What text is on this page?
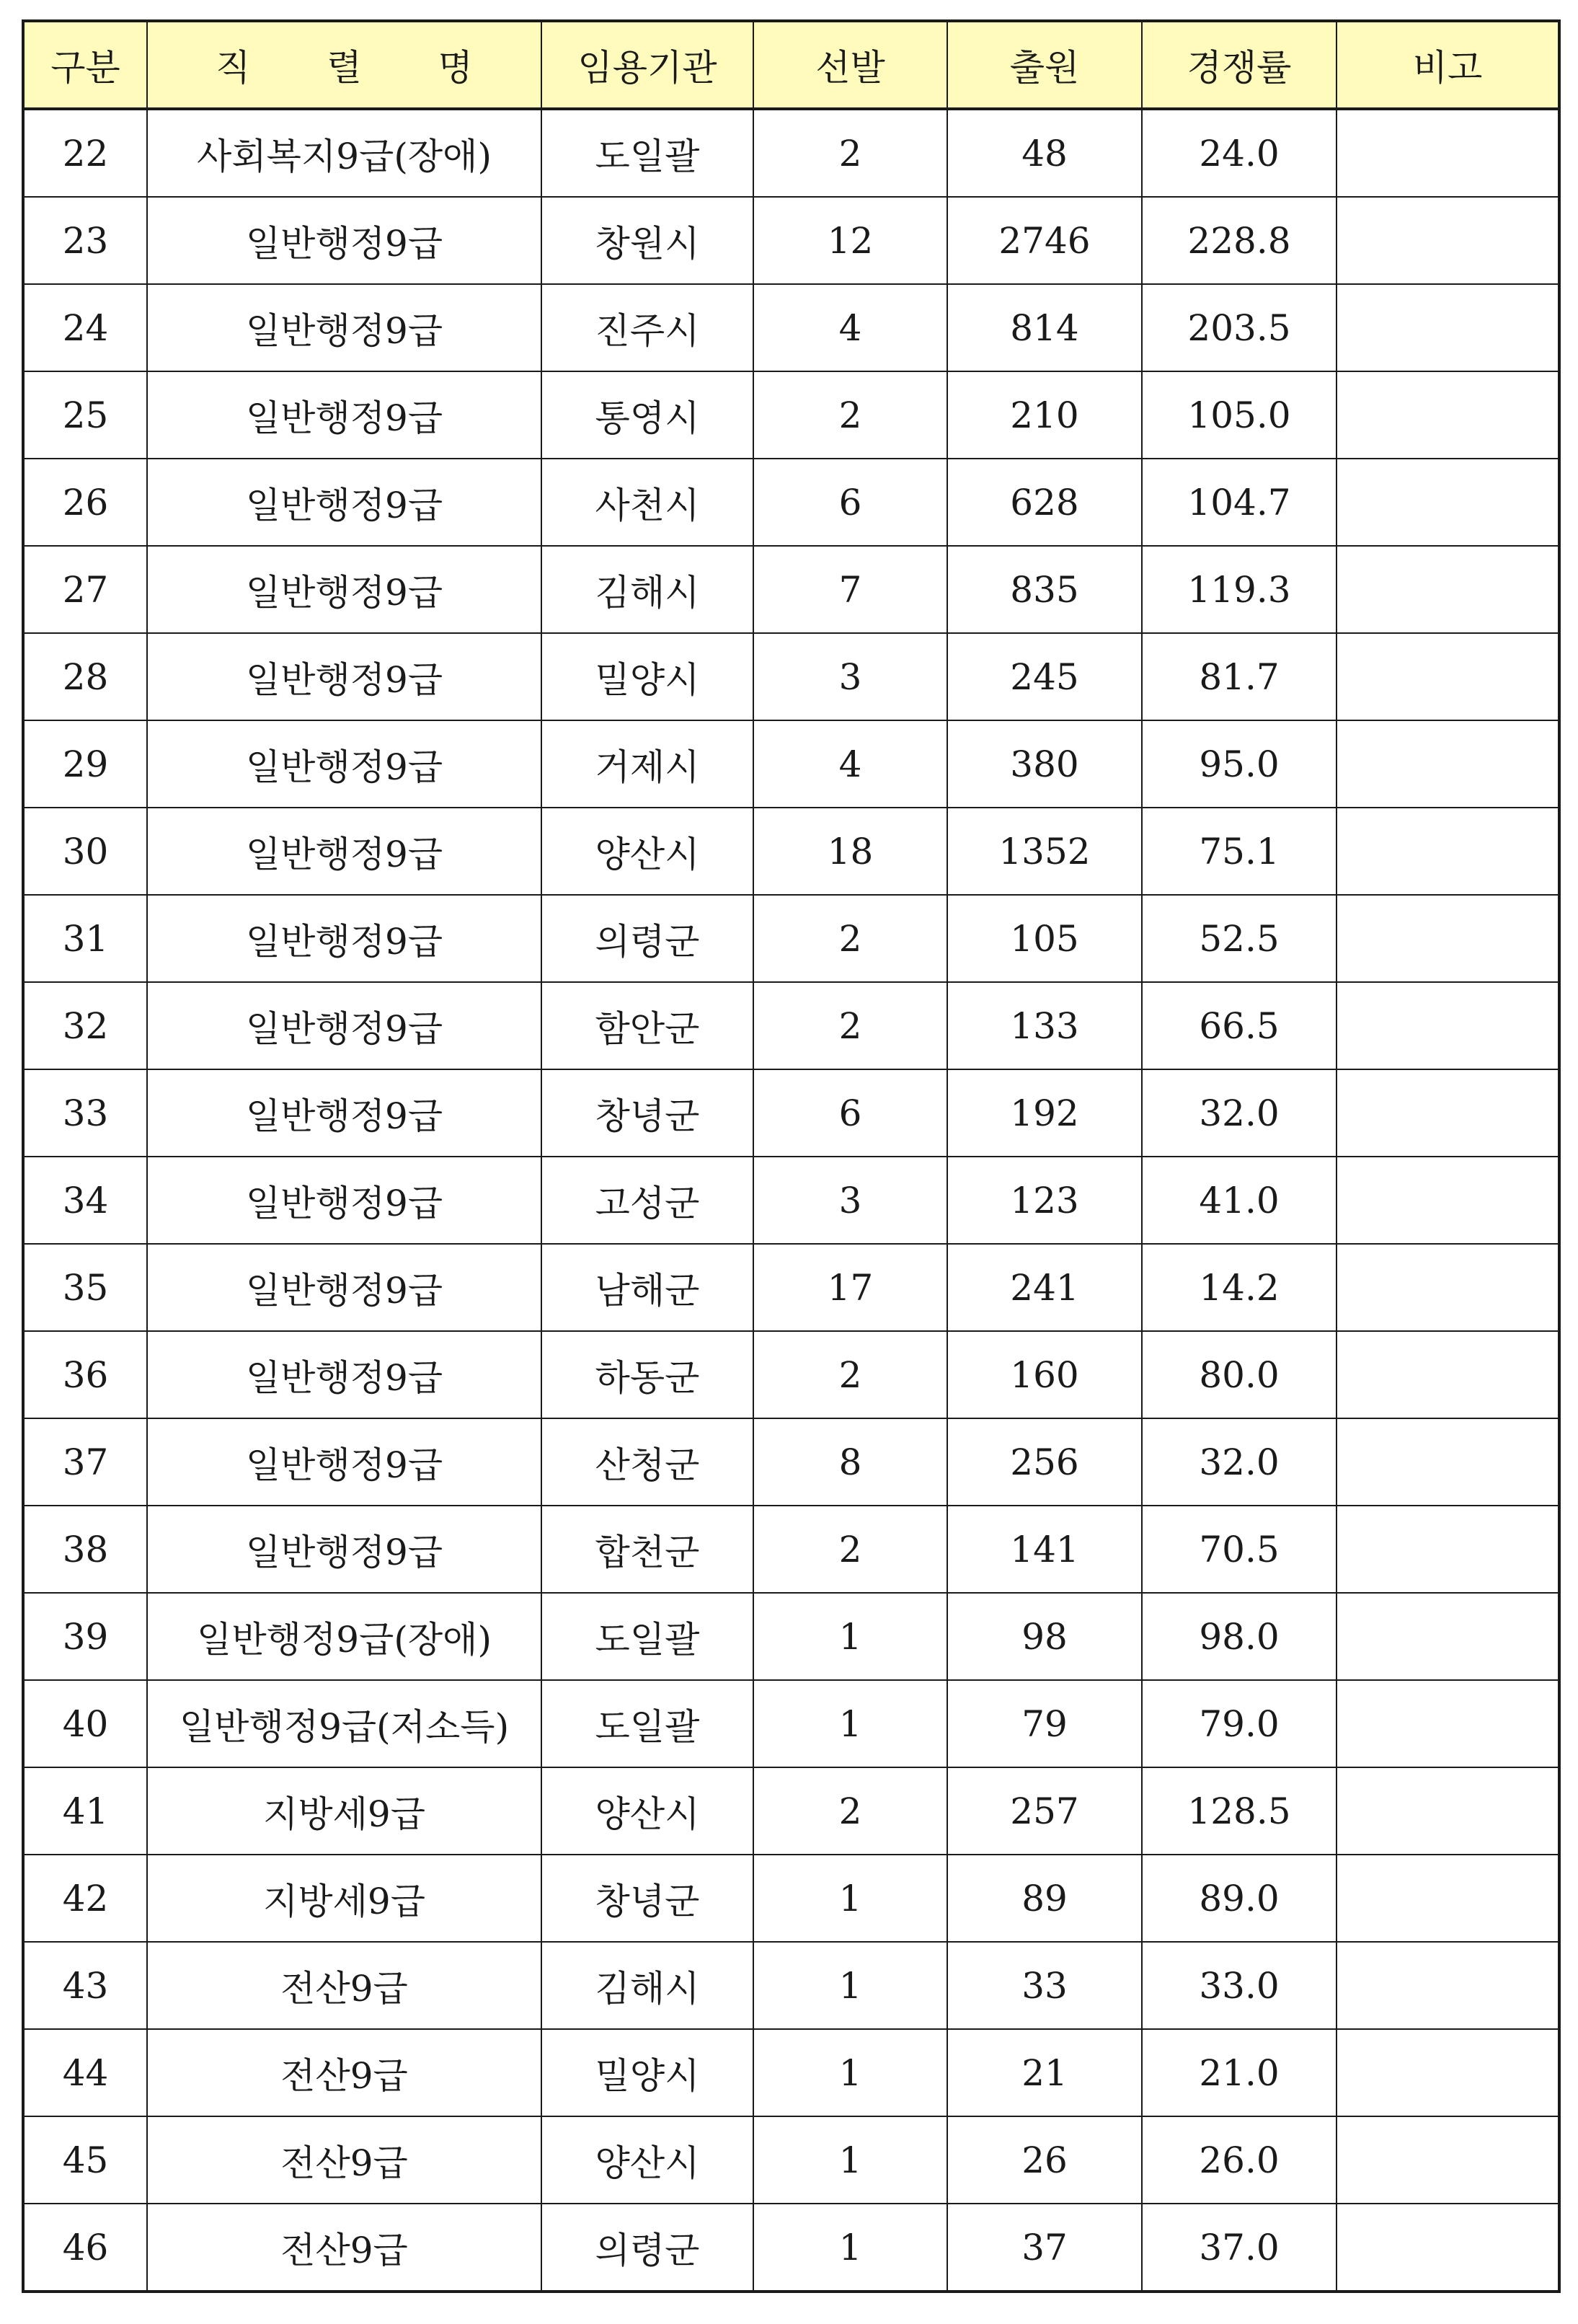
구분	직 렬 명	임용기관	선발	출원	경쟁률	비고
22	사회복지9급(장애)	도일괄	2	48	24.0	
23	일반행정9급	창원시	12	2746	228.8	
24	일반행정9급	진주시	4	814	203.5	
25	일반행정9급	통영시	2	210	105.0	
26	일반행정9급	사천시	6	628	104.7	
27	일반행정9급	김해시	7	835	119.3	
28	일반행정9급	밀양시	3	245	81.7	
29	일반행정9급	거제시	4	380	95.0	
30	일반행정9급	양산시	18	1352	75.1	
31	일반행정9급	의령군	2	105	52.5	
32	일반행정9급	함안군	2	133	66.5	
33	일반행정9급	창녕군	6	192	32.0	
34	일반행정9급	고성군	3	123	41.0	
35	일반행정9급	남해군	17	241	14.2	
36	일반행정9급	하동군	2	160	80.0	
37	일반행정9급	산청군	8	256	32.0	
38	일반행정9급	합천군	2	141	70.5	
39	일반행정9급(장애)	도일괄	1	98	98.0	
40	일반행정9급(저소득)	도일괄	1	79	79.0	
41	지방세9급	양산시	2	257	128.5	
42	지방세9급	창녕군	1	89	89.0	
43	전산9급	김해시	1	33	33.0	
44	전산9급	밀양시	1	21	21.0	
45	전산9급	양산시	1	26	26.0	
46	전산9급	의령군	1	37	37.0	
